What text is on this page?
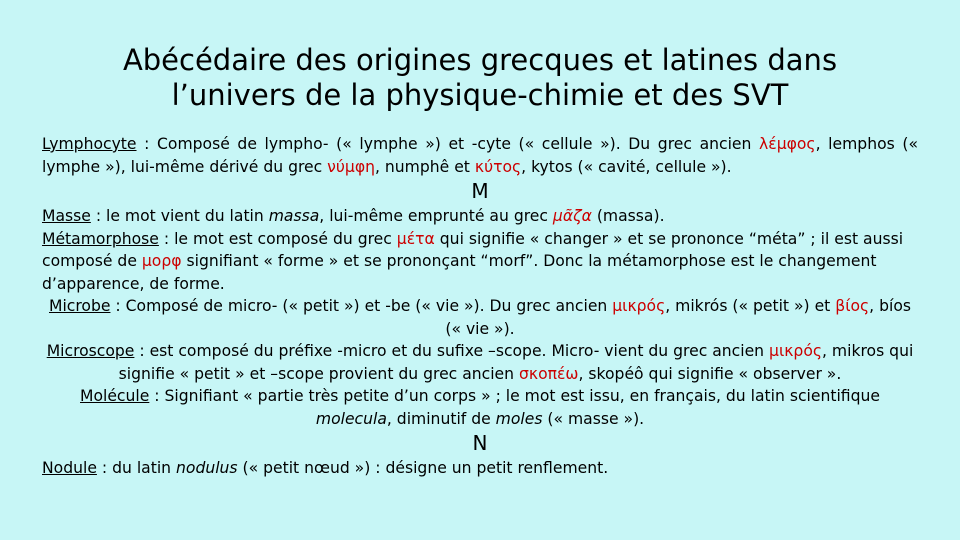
Abécédaire des origines grecques et latines dans
l’univers de la physique-chimie et des SVT

Lymphocyte : Composé de lympho- (« lymphe ») et -cyte (« cellule »). Du grec ancien λέμφος, lemphos (« lymphe »), lui-même dérivé du grec νύμφη, numphê et κύτος, kytos (« cavité, cellule »).

M

Masse : le mot vient du latin massa, lui-même emprunté au grec μᾶζα (massa).

Métamorphose : le mot est composé du grec μέτα qui signifie « changer » et se prononce “méta” ; il est aussi composé de μορφ signifiant « forme » et se prononçant “morf”. Donc la métamorphose est le changement d’apparence, de forme.

Microbe : Composé de micro- (« petit ») et -be (« vie »). Du grec ancien μικρός, mikrós (« petit ») et βίος, bíos (« vie »).

Microscope : est composé du préfixe -micro et du sufixe –scope. Micro- vient du grec ancien μικρός, mikros qui signifie « petit » et –scope provient du grec ancien σκοπέω, skopéô qui signifie « observer ».

Molécule : Signifiant « partie très petite d’un corps » ; le mot est issu, en français, du latin scientifique molecula, diminutif de moles (« masse »).

N

Nodule : du latin nodulus (« petit nœud ») : désigne un petit renflement.
